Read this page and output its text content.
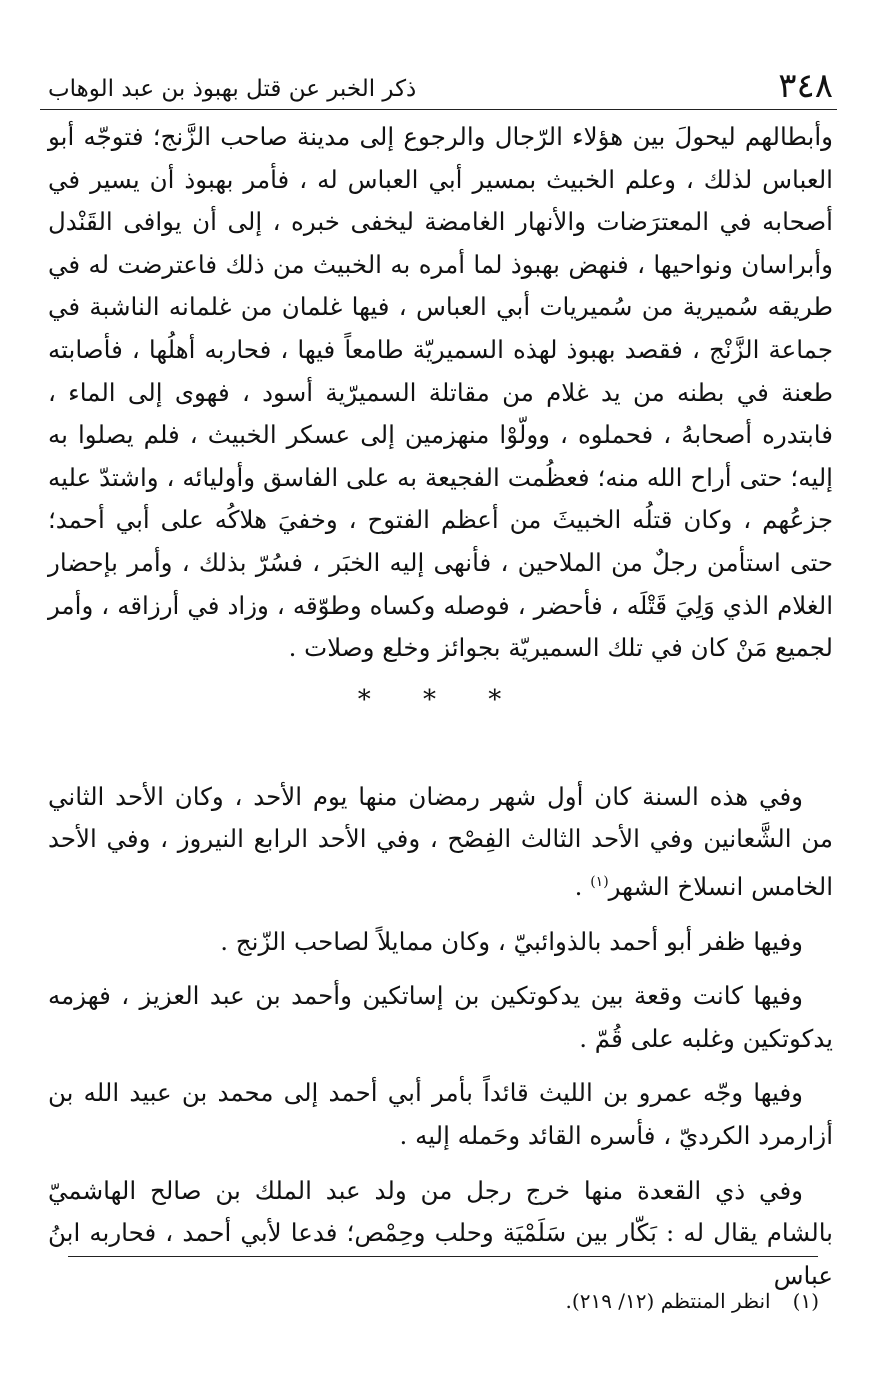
٣٤٨
ذكر الخبر عن قتل بهبوذ بن عبد الوهاب

وأبطالهم ليحولَ بين هؤلاء الرّجال والرجوع إلى مدينة صاحب الزَّنج؛ فتوجّه أبو العباس لذلك ، وعلم الخبيث بمسير أبي العباس له ، فأمر بهبوذ أن يسير في أصحابه في المعترَضات والأنهار الغامضة ليخفى خبره ، إلى أن يوافى القَنْدل وأبراسان ونواحيها ، فنهض بهبوذ لما أمره به الخبيث من ذلك فاعترضت له في طريقه سُميرية من سُميريات أبي العباس ، فيها غلمان من غلمانه الناشبة في جماعة الزَّنْج ، فقصد بهبوذ لهذه السميريّة طامعاً فيها ، فحاربه أهلُها ، فأصابته طعنة في بطنه من يد غلام من مقاتلة السميرّية أسود ، فهوى إلى الماء ، فابتدره أصحابهُ ، فحملوه ، وولّوْا منهزمين إلى عسكر الخبيث ، فلم يصلوا به إليه؛ حتى أراح الله منه؛ فعظُمت الفجيعة به على الفاسق وأوليائه ، واشتدّ عليه جزعُهم ، وكان قتلُه الخبيثَ من أعظم الفتوح ، وخفيَ هلاكُه على أبي أحمد؛ حتى استأمن رجلٌ من الملاحين ، فأنهى إليه الخبَر ، فسُرّ بذلك ، وأمر بإحضار الغلام الذي وَلِيَ قَتْلَه ، فأحضر ، فوصله وكساه وطوّقه ، وزاد في أرزاقه ، وأمر لجميع مَنْ كان في تلك السميريّة بجوائز وخلع وصلات .

* * *

وفي هذه السنة كان أول شهر رمضان منها يوم الأحد ، وكان الأحد الثاني من الشَّعانين وفي الأحد الثالث الفِصْح ، وفي الأحد الرابع النيروز ، وفي الأحد الخامس انسلاخ الشهر$^{(١)}$ .

وفيها ظفر أبو أحمد بالذوائبيّ ، وكان ممايلاً لصاحب الزّنج .

وفيها كانت وقعة بين يدكوتكين بن إساتكين وأحمد بن عبد العزيز ، فهزمه يدكوتكين وغلبه على قُمّ .

وفيها وجّه عمرو بن الليث قائداً بأمر أبي أحمد إلى محمد بن عبيد الله بن أزارمرد الكرديّ ، فأسره القائد وحَمله إليه .

وفي ذي القعدة منها خرج رجل من ولد عبد الملك بن صالح الهاشميّ بالشام يقال له : بَكّار بين سَلَمْيَة وحلب وحِمْص؛ فدعا لأبي أحمد ، فحاربه ابنُ عباس

(١)انظر المنتظم (١٢/ ٢١٩).
